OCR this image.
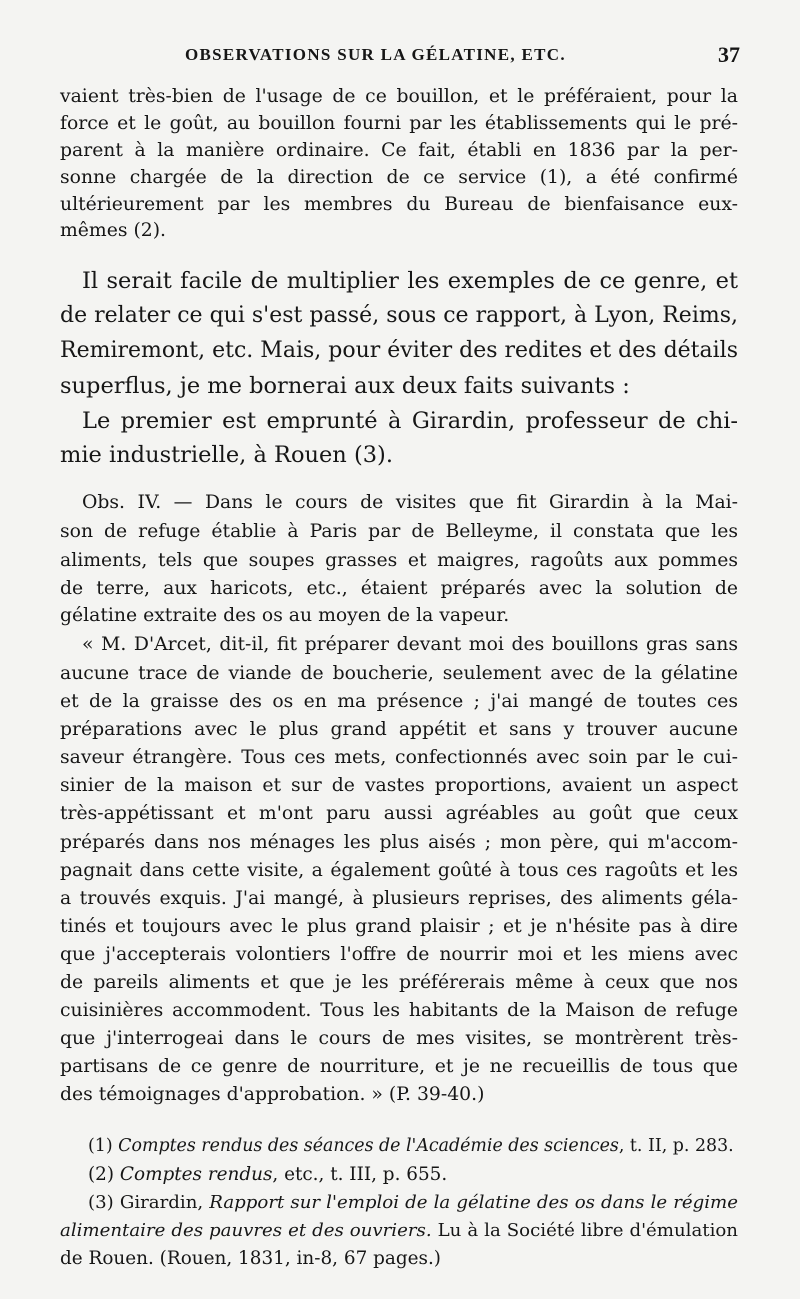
OBSERVATIONS SUR LA GÉLATINE, ETC.	37
vaient très-bien de l'usage de ce bouillon, et le préféraient, pour la
force et le goût, au bouillon fourni par les établissements qui le pré-
parent à la manière ordinaire. Ce fait, établi en 1836 par la per-
sonne chargée de la direction de ce service (1), a été confirmé
ultérieurement par les membres du Bureau de bienfaisance eux-
mêmes (2).
Il serait facile de multiplier les exemples de ce genre, et
de relater ce qui s'est passé, sous ce rapport, à Lyon, Reims,
Remiremont, etc. Mais, pour éviter des redites et des détails
superflus, je me bornerai aux deux faits suivants :
Le premier est emprunté à Girardin, professeur de chi-
mie industrielle, à Rouen (3).
Obs. IV. — Dans le cours de visites que fit Girardin à la Mai-
son de refuge établie à Paris par de Belleyme, il constata que les
aliments, tels que soupes grasses et maigres, ragoûts aux pommes
de terre, aux haricots, etc., étaient préparés avec la solution de
gélatine extraite des os au moyen de la vapeur.
« M. D'Arcet, dit-il, fit préparer devant moi des bouillons gras sans
aucune trace de viande de boucherie, seulement avec de la gélatine
et de la graisse des os en ma présence ; j'ai mangé de toutes ces
préparations avec le plus grand appétit et sans y trouver aucune
saveur étrangère. Tous ces mets, confectionnés avec soin par le cui-
sinier de la maison et sur de vastes proportions, avaient un aspect
très-appétissant et m'ont paru aussi agréables au goût que ceux
préparés dans nos ménages les plus aisés ; mon père, qui m'accom-
pagnait dans cette visite, a également goûté à tous ces ragoûts et les
a trouvés exquis. J'ai mangé, à plusieurs reprises, des aliments géla-
tinés et toujours avec le plus grand plaisir ; et je n'hésite pas à dire
que j'accepterais volontiers l'offre de nourrir moi et les miens avec
de pareils aliments et que je les préférerais même à ceux que nos
cuisinières accommodent. Tous les habitants de la Maison de refuge
que j'interrogeai dans le cours de mes visites, se montrèrent très-
partisans de ce genre de nourriture, et je ne recueillis de tous que
des témoignages d'approbation. » (P. 39-40.)
(1) Comptes rendus des séances de l'Académie des sciences, t. II, p. 283.
(2) Comptes rendus, etc., t. III, p. 655.
(3) Girardin, Rapport sur l'emploi de la gélatine des os dans le régime
alimentaire des pauvres et des ouvriers. Lu à la Société libre d'émulation
de Rouen. (Rouen, 1831, in-8, 67 pages.)
